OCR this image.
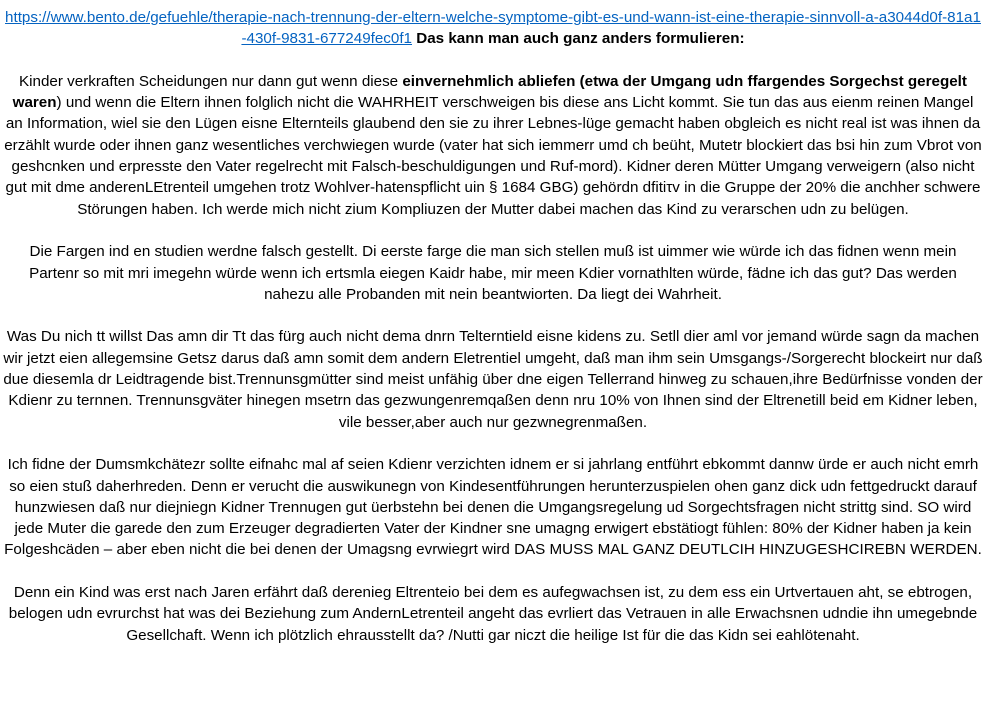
https://www.bento.de/gefuehle/therapie-nach-trennung-der-eltern-welche-symptome-gibt-es-und-wann-ist-eine-therapie-sinnvoll-a-a3044d0f-81a1-430f-9831-677249fec0f1 Das kann man auch ganz anders formulieren:

Kinder verkraften Scheidungen nur dann gut wenn diese einvernehmlich abliefen (etwa der Umgang udn ffargendes Sorgechst geregelt waren) und wenn die Eltern ihnen folglich nicht die WAHRHEIT verschweigen bis diese ans Licht kommt. Sie tun das aus eienm reinen Mangel an Information, wiel sie den Lügen eisne Elternteils glaubend den sie zu ihrer Lebnes-lüge gemacht haben obgleich es nicht real ist was ihnen da erzählt wurde oder ihnen ganz wesentliches verchwiegen wurde (vater hat sich iemmerr umd ch beüht, Mutetr blockiert das bsi hin zum Vbrot von geshcnken und erpresste den Vater regelrecht mit Falsch-beschuldigungen und Ruf-mord). Kidner deren Mütter Umgang verweigern (also nicht gut mit dme anderenLEtrenteil umgehen trotz Wohlver-hatenspflicht uin § 1684 GBG) gehördn dfitiτv in die Gruppe der 20% die anchher schwere Störungen haben. Ich werde mich nicht zium Kompliuzen der Mutter dabei machen das Kind zu verarschen udn zu belügen.

Die Fargen ind en studien werdne falsch gestellt. Di eerste farge die man sich stellen muß ist uimmer wie würde ich das fidnen wenn mein Partenr so mit mri imegehn würde wenn ich ertsmla eiegen Kaidr habe, mir meen Kdier vornathlten würde, fädne ich das gut? Das werden nahezu alle Probanden mit nein beantwiorten. Da liegt dei Wahrheit.

Was Du nich tt willst Das amn dir Tt das fürg auch nicht dema dnrn Telterntield eisne kidens zu. Setll dier aml vor jemand würde sagn da machen wir jetzt eien allegemsine Getsz darus daß amn somit dem andern Eletrentiel umgeht, daß man ihm sein Umsgangs-/Sorgerecht blockeirt nur daß due diesemla dr Leidtragende bist.Trennunsgmütter sind meist unfähig über dne eigen Tellerrand hinweg zu schauen,ihre Bedürfnisse vonden der Kdienr zu ternnen. Trennunsgväter hinegen msetrn das gezwungenremqaßen denn nru 10% von Ihnen sind der Eltrenetill beid em Kidner leben, vile besser,aber auch nur gezwnegrenmaßen.

Ich fidne der Dumsmkchätezr sollte eifnahc mal af seien Kdienr verzichten idnem er si jahrlang entführt ebkommt dannw ürde er auch nicht emrh so eien stuß daherhreden. Denn er verucht die auswikunegn von Kindesentführungen herunterzuspielen ohen ganz dick udn fettgedruckt darauf hunzwiesen daß nur diejniegn Kidner Trennugen gut üerbstehn bei denen die Umgangsregelung ud Sorgechtsfragen nicht strittg sind. SO wird jede Muter die garede den zum Erzeuger degradierten Vater der Kindner sne umagng erwigert ebstätiogt fühlen: 80% der Kidner haben ja kein Folgeshcäden – aber eben nicht die bei denen der Umagsng evrwiegrt wird DAS MUSS MAL GANZ DEUTLCIH HINZUGESHCIREBN WERDEN.

Denn ein Kind was erst nach Jaren erfährt daß derenieg Eltrenteio bei dem es aufegwachsen ist, zu dem ess ein Urtvertauen aht, se ebtrogen, belogen udn evrurchst hat was dei Beziehung zum AndernLetrenteil angeht das evrliert das Vetrauen in alle Erwachsnen udndie ihn umegebnde Gesellchaft. Wenn ich plötzlich ehrausstellt da? /Nutti gar niczt die heilige Ist für die das Kidn sei eahlötenaht.
